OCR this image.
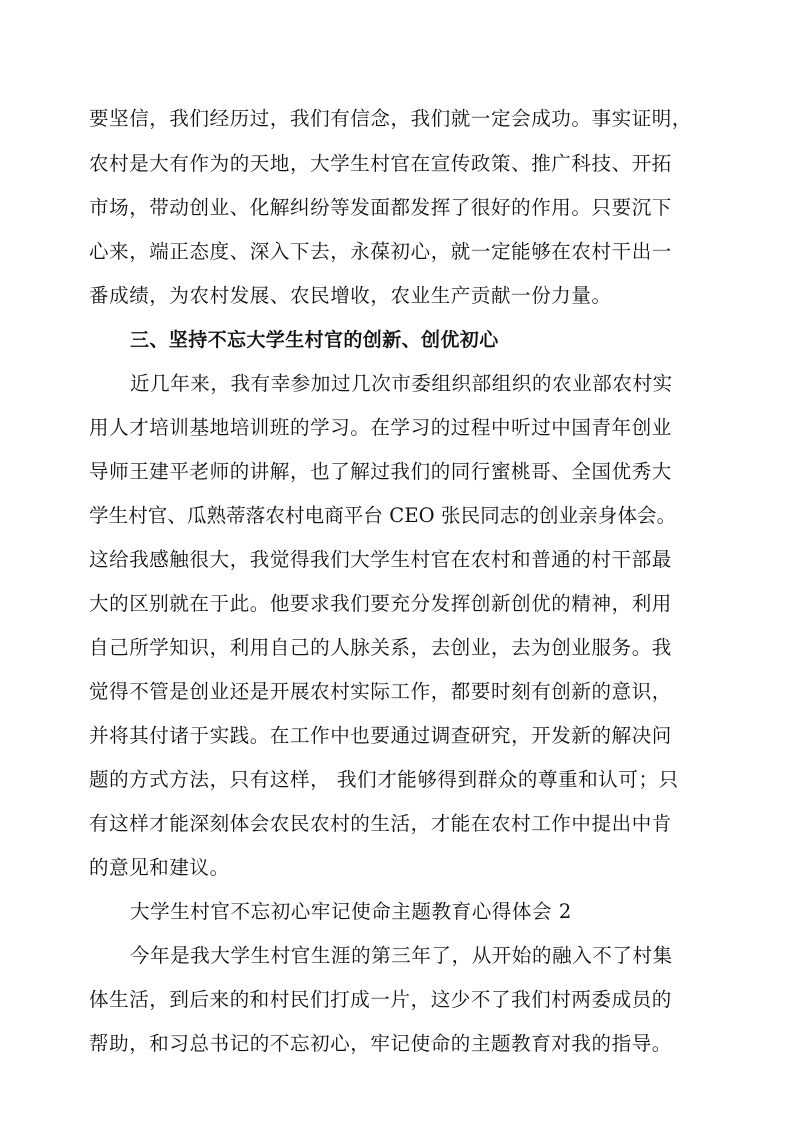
要坚信，我们经历过，我们有信念，我们就一定会成功。事实证明，
农村是大有作为的天地，大学生村官在宣传政策、推广科技、开拓
市场，带动创业、化解纠纷等发面都发挥了很好的作用。只要沉下
心来，端正态度、深入下去，永葆初心，就一定能够在农村干出一
番成绩，为农村发展、农民增收，农业生产贡献一份力量。
三、坚持不忘大学生村官的创新、创优初心
近几年来，我有幸参加过几次市委组织部组织的农业部农村实
用人才培训基地培训班的学习。在学习的过程中听过中国青年创业
导师王建平老师的讲解，也了解过我们的同行蜜桃哥、全国优秀大
学生村官、瓜熟蒂落农村电商平台 CEO 张民同志的创业亲身体会。
这给我感触很大，我觉得我们大学生村官在农村和普通的村干部最
大的区别就在于此。他要求我们要充分发挥创新创优的精神，利用
自己所学知识，利用自己的人脉关系，去创业，去为创业服务。我
觉得不管是创业还是开展农村实际工作，都要时刻有创新的意识，
并将其付诸于实践。在工作中也要通过调查研究，开发新的解决问
题的方式方法，只有这样， 我们才能够得到群众的尊重和认可；只
有这样才能深刻体会农民农村的生活，才能在农村工作中提出中肯
的意见和建议。
大学生村官不忘初心牢记使命主题教育心得体会 2
今年是我大学生村官生涯的第三年了，从开始的融入不了村集
体生活，到后来的和村民们打成一片，这少不了我们村两委成员的
帮助，和习总书记的不忘初心，牢记使命的主题教育对我的指导。
